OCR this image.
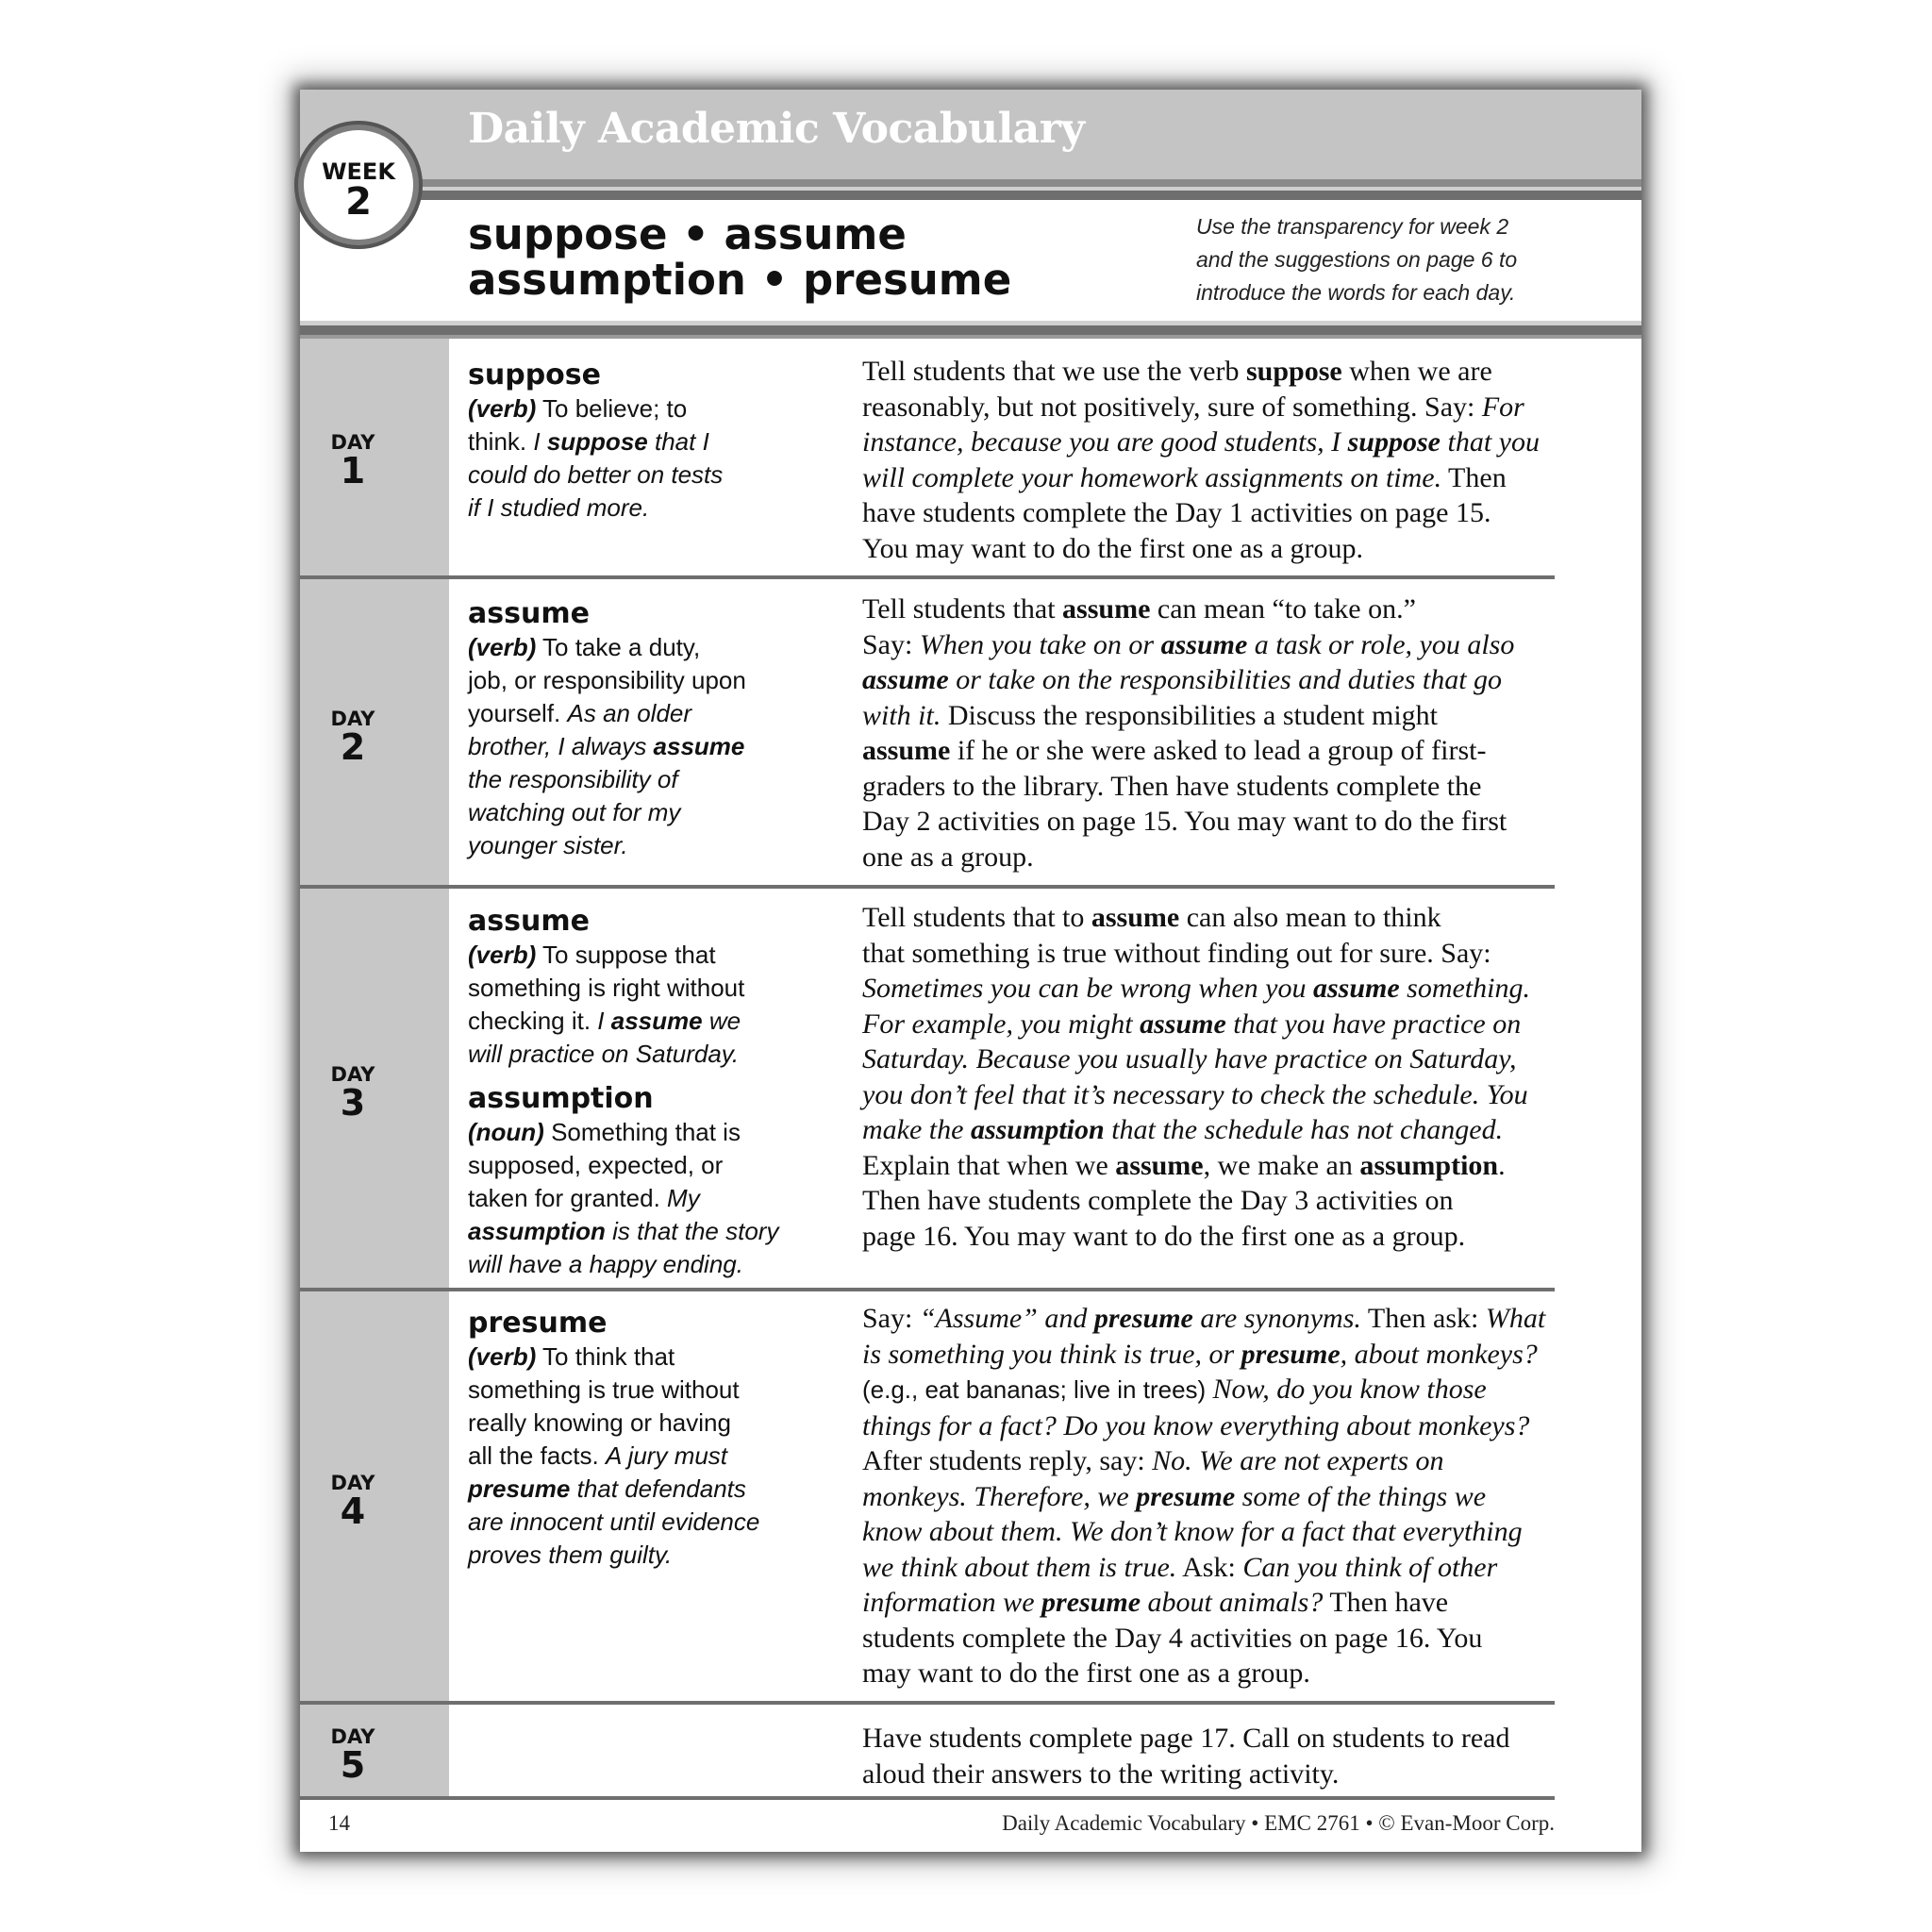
Daily Academic Vocabulary
WEEK
2
suppose • assume
assumption • presume
Use the transparency for week 2
and the suggestions on page 6 to
introduce the words for each day.
DAY
1
suppose
(verb) To believe; to
think. I suppose that I
could do better on tests
if I studied more.
Tell students that we use the verb suppose when we are
reasonably, but not positively, sure of something. Say: For
instance, because you are good students, I suppose that you
will complete your homework assignments on time. Then
have students complete the Day 1 activities on page 15.
You may want to do the first one as a group.
DAY
2
assume
(verb) To take a duty,
job, or responsibility upon
yourself. As an older
brother, I always assume
the responsibility of
watching out for my
younger sister.
Tell students that assume can mean “to take on.”
Say: When you take on or assume a task or role, you also
assume or take on the responsibilities and duties that go
with it. Discuss the responsibilities a student might
assume if he or she were asked to lead a group of first-
graders to the library. Then have students complete the
Day 2 activities on page 15. You may want to do the first
one as a group.
DAY
3
assume
(verb) To suppose that
something is right without
checking it. I assume we
will practice on Saturday.
assumption
(noun) Something that is
supposed, expected, or
taken for granted. My
assumption is that the story
will have a happy ending.
Tell students that to assume can also mean to think
that something is true without finding out for sure. Say:
Sometimes you can be wrong when you assume something.
For example, you might assume that you have practice on
Saturday. Because you usually have practice on Saturday,
you don’t feel that it’s necessary to check the schedule. You
make the assumption that the schedule has not changed.
Explain that when we assume, we make an assumption.
Then have students complete the Day 3 activities on
page 16. You may want to do the first one as a group.
DAY
4
presume
(verb) To think that
something is true without
really knowing or having
all the facts. A jury must
presume that defendants
are innocent until evidence
proves them guilty.
Say: “Assume” and presume are synonyms. Then ask: What
is something you think is true, or presume, about monkeys?
(e.g., eat bananas; live in trees) Now, do you know those
things for a fact? Do you know everything about monkeys?
After students reply, say: No. We are not experts on
monkeys. Therefore, we presume some of the things we
know about them. We don’t know for a fact that everything
we think about them is true. Ask: Can you think of other
information we presume about animals? Then have
students complete the Day 4 activities on page 16. You
may want to do the first one as a group.
DAY
5
Have students complete page 17. Call on students to read
aloud their answers to the writing activity.
14	Daily Academic Vocabulary • EMC 2761 • © Evan-Moor Corp.
